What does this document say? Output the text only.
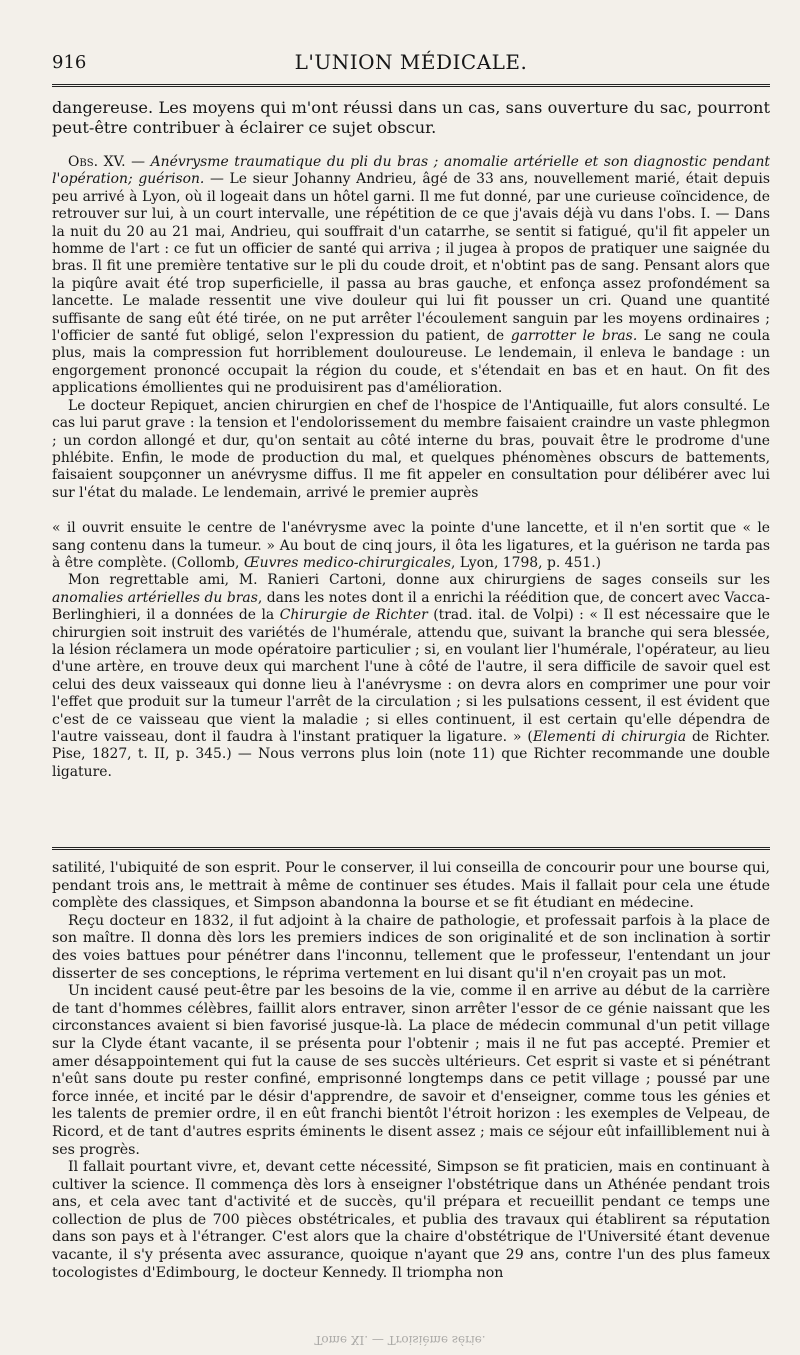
916	L'UNION MÉDICALE.

dangereuse. Les moyens qui m'ont réussi dans un cas, sans ouverture du sac, pourront peut-être contribuer à éclairer ce sujet obscur.

Obs. XV. — Anévrysme traumatique du pli du bras ; anomalie artérielle et son diagnostic pendant l'opération; guérison. — Le sieur Johanny Andrieu, âgé de 33 ans, nouvellement marié, était depuis peu arrivé à Lyon, où il logeait dans un hôtel garni. Il me fut donné, par une curieuse coïncidence, de retrouver sur lui, à un court intervalle, une répétition de ce que j'avais déjà vu dans l'obs. I. — Dans la nuit du 20 au 21 mai, Andrieu, qui souffrait d'un catarrhe, se sentit si fatigué, qu'il fit appeler un homme de l'art : ce fut un officier de santé qui arriva ; il jugea à propos de pratiquer une saignée du bras. Il fit une première tentative sur le pli du coude droit, et n'obtint pas de sang. Pensant alors que la piqûre avait été trop superficielle, il passa au bras gauche, et enfonça assez profondément sa lancette. Le malade ressentit une vive douleur qui lui fit pousser un cri. Quand une quantité suffisante de sang eût été tirée, on ne put arrêter l'écoulement sanguin par les moyens ordinaires ; l'officier de santé fut obligé, selon l'expression du patient, de garrotter le bras. Le sang ne coula plus, mais la compression fut horriblement douloureuse. Le lendemain, il enleva le bandage : un engorgement prononcé occupait la région du coude, et s'étendait en bas et en haut. On fit des applications émollientes qui ne produisirent pas d'amélioration.

Le docteur Repiquet, ancien chirurgien en chef de l'hospice de l'Antiquaille, fut alors consulté. Le cas lui parut grave : la tension et l'endolorissement du membre faisaient craindre un vaste phlegmon ; un cordon allongé et dur, qu'on sentait au côté interne du bras, pouvait être le prodrome d'une phlébite. Enfin, le mode de production du mal, et quelques phénomènes obscurs de battements, faisaient soupçonner un anévrysme diffus. Il me fit appeler en consultation pour délibérer avec lui sur l'état du malade. Le lendemain, arrivé le premier auprès

« il ouvrit ensuite le centre de l'anévrysme avec la pointe d'une lancette, et il n'en sortit que « le sang contenu dans la tumeur. » Au bout de cinq jours, il ôta les ligatures, et la guérison ne tarda pas à être complète. (Collomb, Œuvres medico-chirurgicales, Lyon, 1798, p. 451.)

Mon regrettable ami, M. Ranieri Cartoni, donne aux chirurgiens de sages conseils sur les anomalies artérielles du bras, dans les notes dont il a enrichi la réédition que, de concert avec Vacca-Berlinghieri, il a données de la Chirurgie de Richter (trad. ital. de Volpi) : « Il est nécessaire que le chirurgien soit instruit des variétés de l'humérale, attendu que, suivant la branche qui sera blessée, la lésion réclamera un mode opératoire particulier ; si, en voulant lier l'humérale, l'opérateur, au lieu d'une artère, en trouve deux qui marchent l'une à côté de l'autre, il sera difficile de savoir quel est celui des deux vaisseaux qui donne lieu à l'anévrysme : on devra alors en comprimer une pour voir l'effet que produit sur la tumeur l'arrêt de la circulation ; si les pulsations cessent, il est évident que c'est de ce vaisseau que vient la maladie ; si elles continuent, il est certain qu'elle dépendra de l'autre vaisseau, dont il faudra à l'instant pratiquer la ligature. » (Elementi di chirurgia de Richter. Pise, 1827, t. II, p. 345.) — Nous verrons plus loin (note 11) que Richter recommande une double ligature.

satilité, l'ubiquité de son esprit. Pour le conserver, il lui conseilla de concourir pour une bourse qui, pendant trois ans, le mettrait à même de continuer ses études. Mais il fallait pour cela une étude complète des classiques, et Simpson abandonna la bourse et se fit étudiant en médecine.

Reçu docteur en 1832, il fut adjoint à la chaire de pathologie, et professait parfois à la place de son maître. Il donna dès lors les premiers indices de son originalité et de son inclination à sortir des voies battues pour pénétrer dans l'inconnu, tellement que le professeur, l'entendant un jour disserter de ses conceptions, le réprima vertement en lui disant qu'il n'en croyait pas un mot.

Un incident causé peut-être par les besoins de la vie, comme il en arrive au début de la carrière de tant d'hommes célèbres, faillit alors entraver, sinon arrêter l'essor de ce génie naissant que les circonstances avaient si bien favorisé jusque-là. La place de médecin communal d'un petit village sur la Clyde étant vacante, il se présenta pour l'obtenir ; mais il ne fut pas accepté. Premier et amer désappointement qui fut la cause de ses succès ultérieurs. Cet esprit si vaste et si pénétrant n'eût sans doute pu rester confiné, emprisonné longtemps dans ce petit village ; poussé par une force innée, et incité par le désir d'apprendre, de savoir et d'enseigner, comme tous les génies et les talents de premier ordre, il en eût franchi bientôt l'étroit horizon : les exemples de Velpeau, de Ricord, et de tant d'autres esprits éminents le disent assez ; mais ce séjour eût infailliblement nui à ses progrès.

Il fallait pourtant vivre, et, devant cette nécessité, Simpson se fit praticien, mais en continuant à cultiver la science. Il commença dès lors à enseigner l'obstétrique dans un Athénée pendant trois ans, et cela avec tant d'activité et de succès, qu'il prépara et recueillit pendant ce temps une collection de plus de 700 pièces obstétricales, et publia des travaux qui établirent sa réputation dans son pays et à l'étranger. C'est alors que la chaire d'obstétrique de l'Université étant devenue vacante, il s'y présenta avec assurance, quoique n'ayant que 29 ans, contre l'un des plus fameux tocologistes d'Edimbourg, le docteur Kennedy. Il triompha non

Tome XI. — Troisième série.
